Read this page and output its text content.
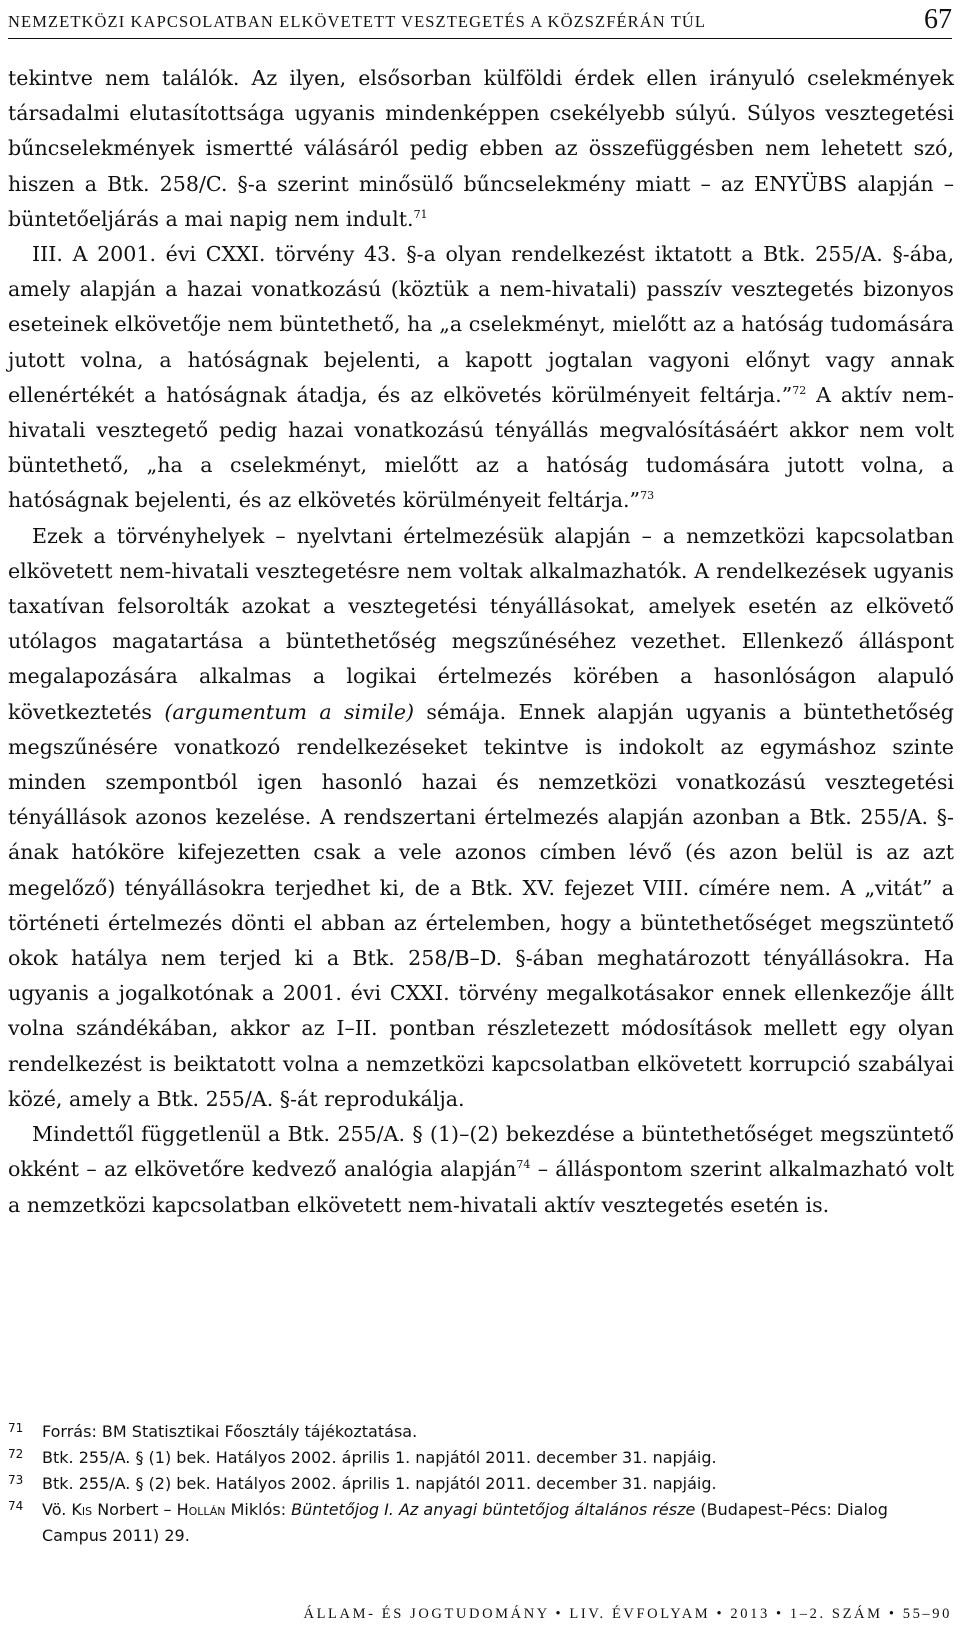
NEMZETKÖZI KAPCSOLATBAN ELKÖVETETT VESZTEGETÉS A KÖZSZFÉRÁN TÚL	67

tekintve nem találók. Az ilyen, elsősorban külföldi érdek ellen irányuló cselekmények társadalmi elutasítottsága ugyanis mindenképpen csekélyebb súlyú. Súlyos vesztegetési bűncselekmények ismertté válásáról pedig ebben az összefüggésben nem lehetett szó, hiszen a Btk. 258/C. §-a szerint minősülő bűncselekmény miatt – az ENYÜBS alapján – büntetőeljárás a mai napig nem indult.$^{71}$

III. A 2001. évi CXXI. törvény 43. §-a olyan rendelkezést iktatott a Btk. 255/A. §-ába, amely alapján a hazai vonatkozású (köztük a nem-hivatali) passzív vesztegetés bizonyos eseteinek elkövetője nem büntethető, ha „a cselekményt, mielőtt az a hatóság tudomására jutott volna, a hatóságnak bejelenti, a kapott jogtalan vagyoni előnyt vagy annak ellenértékét a hatóságnak átadja, és az elkövetés körülményeit feltárja.”$^{72}$ A aktív nem-hivatali vesztegető pedig hazai vonatkozású tényállás megvalósításáért akkor nem volt büntethető, „ha a cselekményt, mielőtt az a hatóság tudomására jutott volna, a hatóságnak bejelenti, és az elkövetés körülményeit feltárja.”$^{73}$

Ezek a törvényhelyek – nyelvtani értelmezésük alapján – a nemzetközi kapcsolatban elkövetett nem-hivatali vesztegetésre nem voltak alkalmazhatók. A rendelkezések ugyanis taxatívan felsorolták azokat a vesztegetési tényállásokat, amelyek esetén az elkövető utólagos magatartása a büntethetőség megszűnéséhez vezethet. Ellenkező álláspont megalapozására alkalmas a logikai értelmezés körében a hasonlóságon alapuló következtetés (argumentum a simile) sémája. Ennek alapján ugyanis a büntethetőség megszűnésére vonatkozó rendelkezéseket tekintve is indokolt az egymáshoz szinte minden szempontból igen hasonló hazai és nemzetközi vonatkozású vesztegetési tényállások azonos kezelése. A rendszertani értelmezés alapján azonban a Btk. 255/A. §-ának hatóköre kifejezetten csak a vele azonos címben lévő (és azon belül is az azt megelőző) tényállásokra terjedhet ki, de a Btk. XV. fejezet VIII. címére nem. A „vitát” a történeti értelmezés dönti el abban az értelemben, hogy a büntethetőséget megszüntető okok hatálya nem terjed ki a Btk. 258/B–D. §-ában meghatározott tényállásokra. Ha ugyanis a jogalkotónak a 2001. évi CXXI. törvény megalkotásakor ennek ellenkezője állt volna szándékában, akkor az I–II. pontban részletezett módosítások mellett egy olyan rendelkezést is beiktatott volna a nemzetközi kapcsolatban elkövetett korrupció szabályai közé, amely a Btk. 255/A. §-át reprodukálja.

Mindettől függetlenül a Btk. 255/A. § (1)–(2) bekezdése a büntethetőséget megszüntető okként – az elkövetőre kedvező analógia alapján$^{74}$ – álláspontom szerint alkalmazható volt a nemzetközi kapcsolatban elkövetett nem-hivatali aktív vesztegetés esetén is.

71	Forrás: BM Statisztikai Főosztály tájékoztatása.
72	Btk. 255/A. § (1) bek. Hatályos 2002. április 1. napjától 2011. december 31. napjáig.
73	Btk. 255/A. § (2) bek. Hatályos 2002. április 1. napjától 2011. december 31. napjáig.
74	Vö. Kis Norbert – Hollán Miklós: Büntetőjog I. Az anyagi büntetőjog általános része (Budapest–Pécs: Dialog Campus 2011) 29.
ÁLLAM- ÉS JOGTUDOMÁNY • LIV. ÉVFOLYAM • 2013 • 1–2. SZÁM • 55–90
